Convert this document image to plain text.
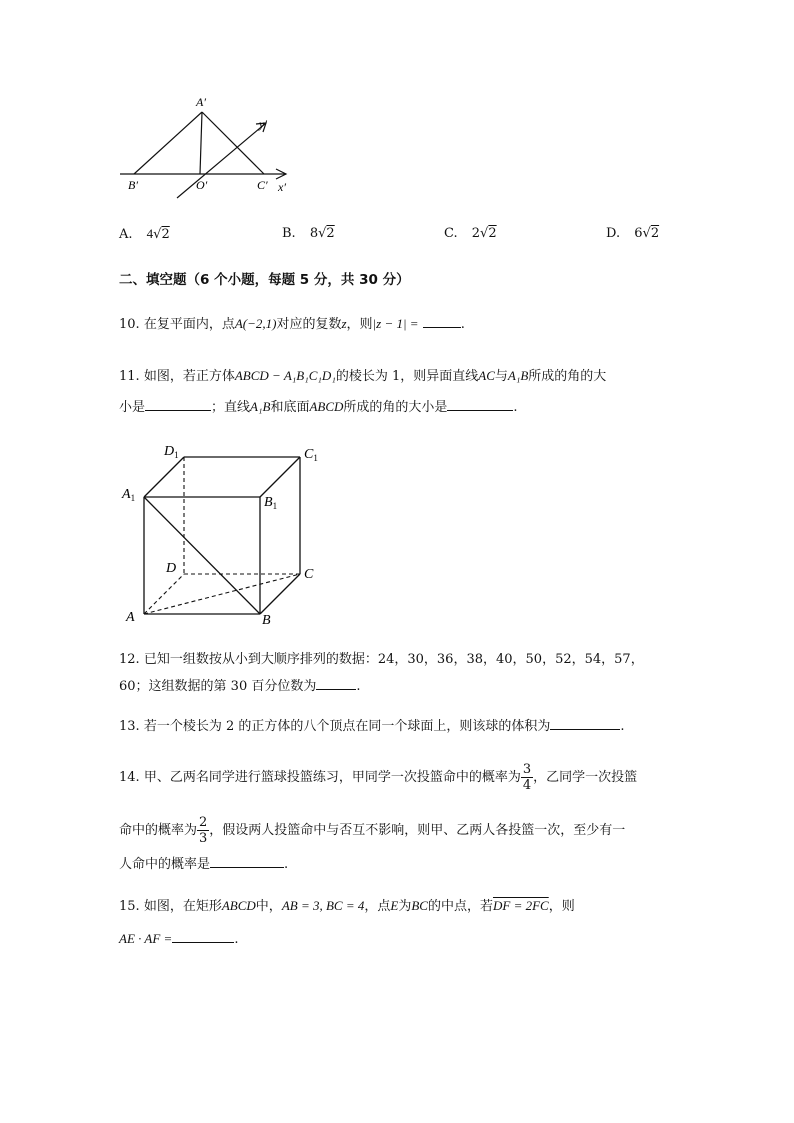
A′
y′
B′	O′	C′ x′
A. 4√2	B. 8√2	C. 2√2	D. 6√2
二、填空题（6 个小题，每题 5 分，共 30 分）
10. 在复平面内，点A(−2,1)对应的复数z，则|z − 1| =	.
11. 如图，若正方体ABCD − A₁B₁C₁D₁的棱长为 1，则异面直线AC与A₁B所成的角的大
小是	；直线A₁B和底面ABCD所成的角的大小是	.
$D_1$	$C_1$
$A_1$	$B_1$
D	C
A	B
12. 已知一组数按从小到大顺序排列的数据：24，30，36，38，40，50，52，54，57，
60；这组数据的第 30 百分位数为	.
13. 若一个棱长为 2 的正方体的八个顶点在同一个球面上，则该球的体积为	.
14. 甲、乙两名同学进行篮球投篮练习，甲同学一次投篮命中的概率为 $\frac{3}{4}$ ，乙同学一次投篮
命中的概率为 $\frac{2}{3}$ ，假设两人投篮命中与否互不影响，则甲、乙两人各投篮一次，至少有一
人命中的概率是	.
15. 如图，在矩形ABCD中，AB = 3, BC = 4，点E为BC的中点，若DF = 2FC，则
AE · AF =	.
